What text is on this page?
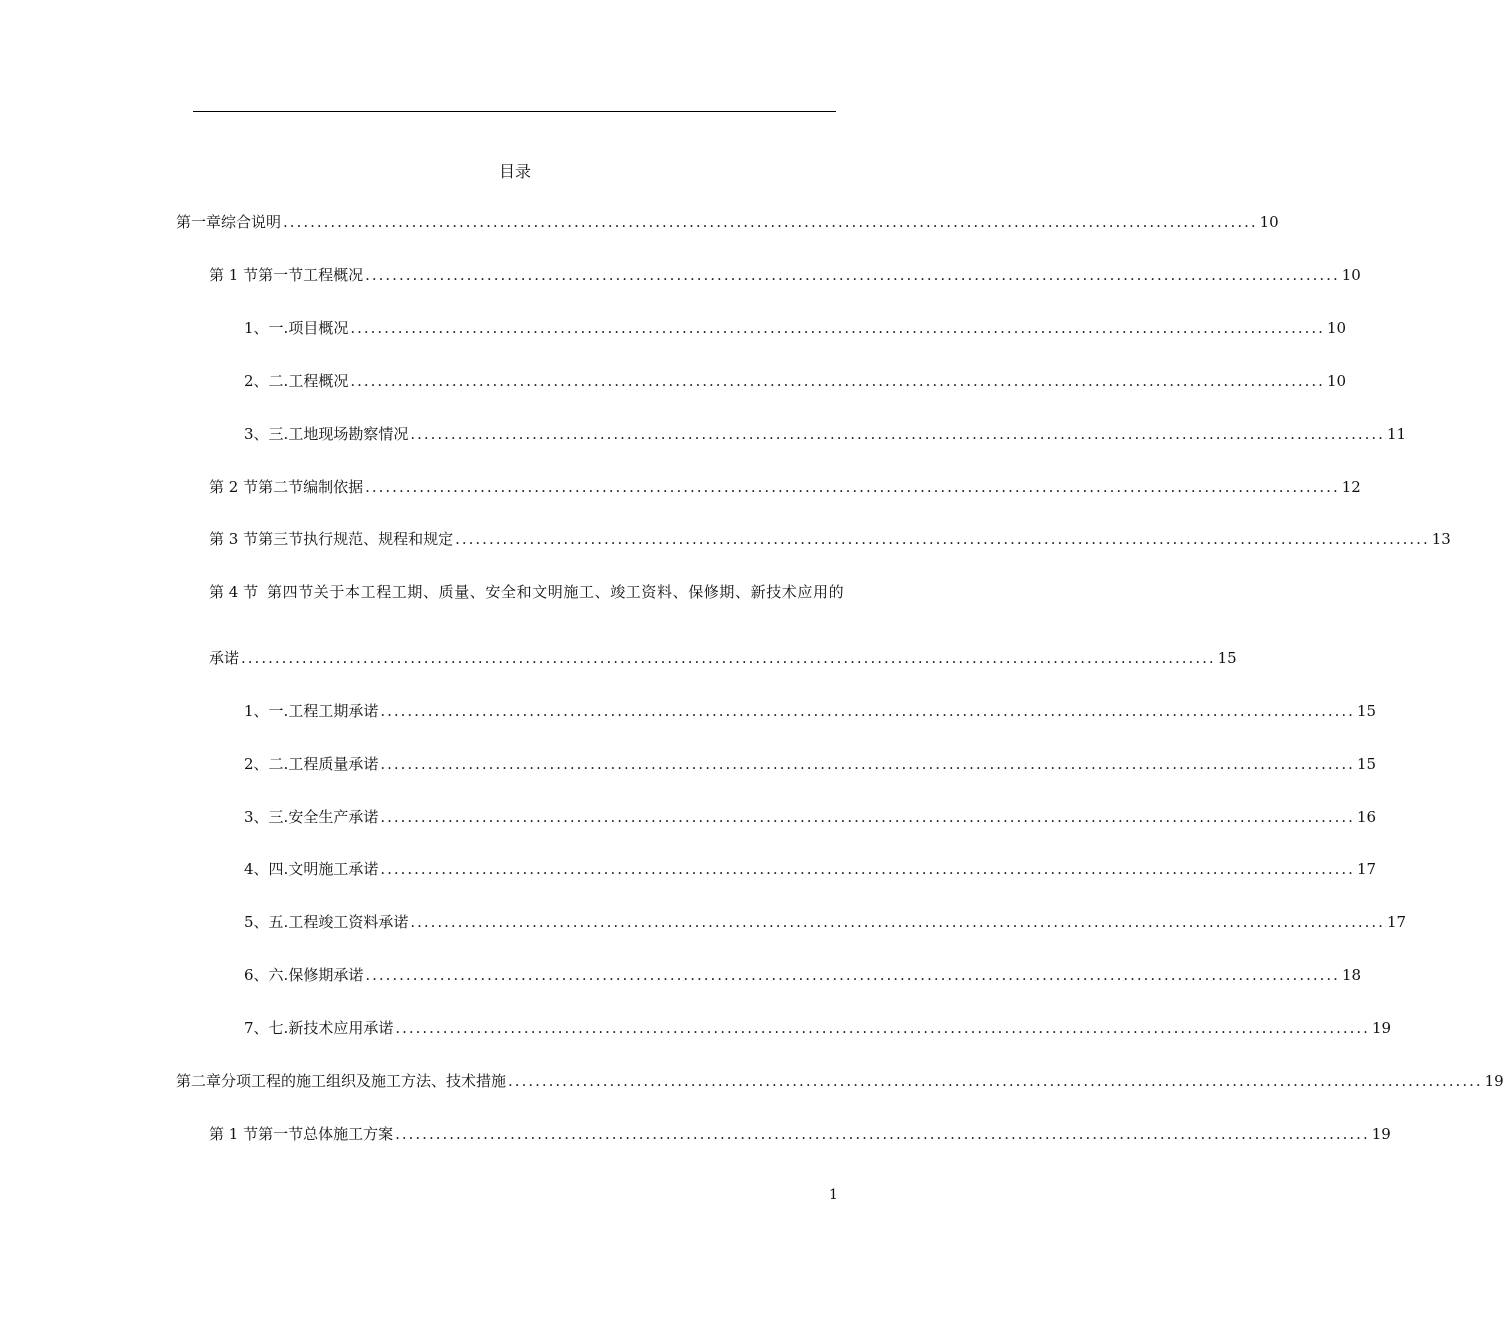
目录
第一章 综合说明 ................................................................................................................................................ 10
第 1 节 第一节工程概况 ................................................................................................................................................ 10
1、 一.项目概况 ................................................................................................................................................ 10
2、 二.工程概况 ................................................................................................................................................ 10
3、 三.工地现场勘察情况 ................................................................................................................................................ 11
第 2 节 第二节编制依据 ................................................................................................................................................ 12
第 3 节 第三节执行规范、规程和规定 ................................................................................................................................................ 13
第 4 节 第四节关于本工程工期、质量、安全和文明施工、竣工资料、保修期、新技术应用的
承诺 ................................................................................................................................................ 15
1、 一.工程工期承诺 ................................................................................................................................................ 15
2、 二.工程质量承诺 ................................................................................................................................................ 15
3、 三.安全生产承诺 ................................................................................................................................................ 16
4、 四.文明施工承诺 ................................................................................................................................................ 17
5、 五.工程竣工资料承诺 ................................................................................................................................................ 17
6、 六.保修期承诺 ................................................................................................................................................ 18
7、 七.新技术应用承诺 ................................................................................................................................................ 19
第二章 分项工程的施工组织及施工方法、技术措施 ................................................................................................................................................ 19
第 1 节 第一节总体施工方案 ................................................................................................................................................ 19
1
